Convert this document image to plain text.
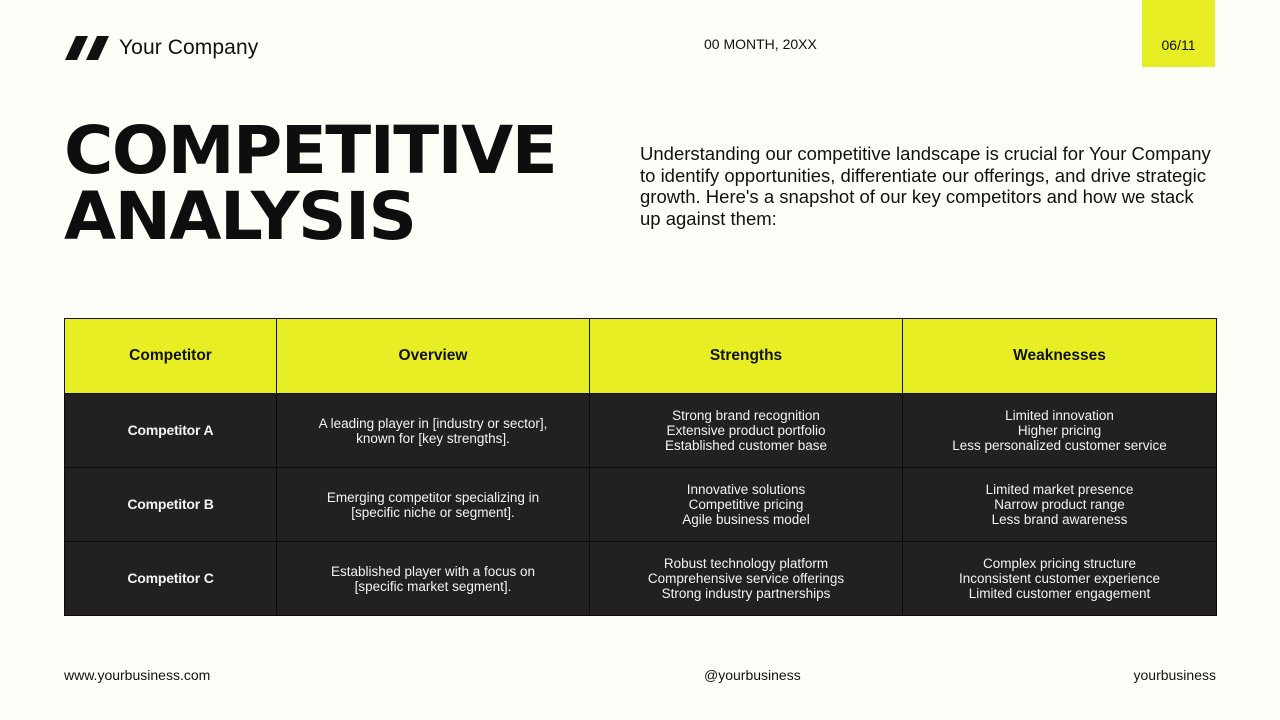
Your Company	00 MONTH, 20XX	06/11
COMPETITIVE
ANALYSIS

Understanding our competitive landscape is crucial for Your Company to identify opportunities, differentiate our offerings, and drive strategic growth. Here's a snapshot of our key competitors and how we stack up against them:

Competitor	Overview	Strengths	Weaknesses
Competitor A	A leading player in [industry or sector],
known for [key strengths].	Strong brand recognition
Extensive product portfolio
Established customer base	Limited innovation
Higher pricing
Less personalized customer service

Competitor B	Emerging competitor specializing in
[specific niche or segment].	Innovative solutions
Competitive pricing
Agile business model	Limited market presence
Narrow product range
Less brand awareness

Competitor C	Established player with a focus on
[specific market segment].	Robust technology platform
Comprehensive service offerings
Strong industry partnerships	Complex pricing structure
Inconsistent customer experience
Limited customer engagement
www.yourbusiness.com	@yourbusiness	yourbusiness
